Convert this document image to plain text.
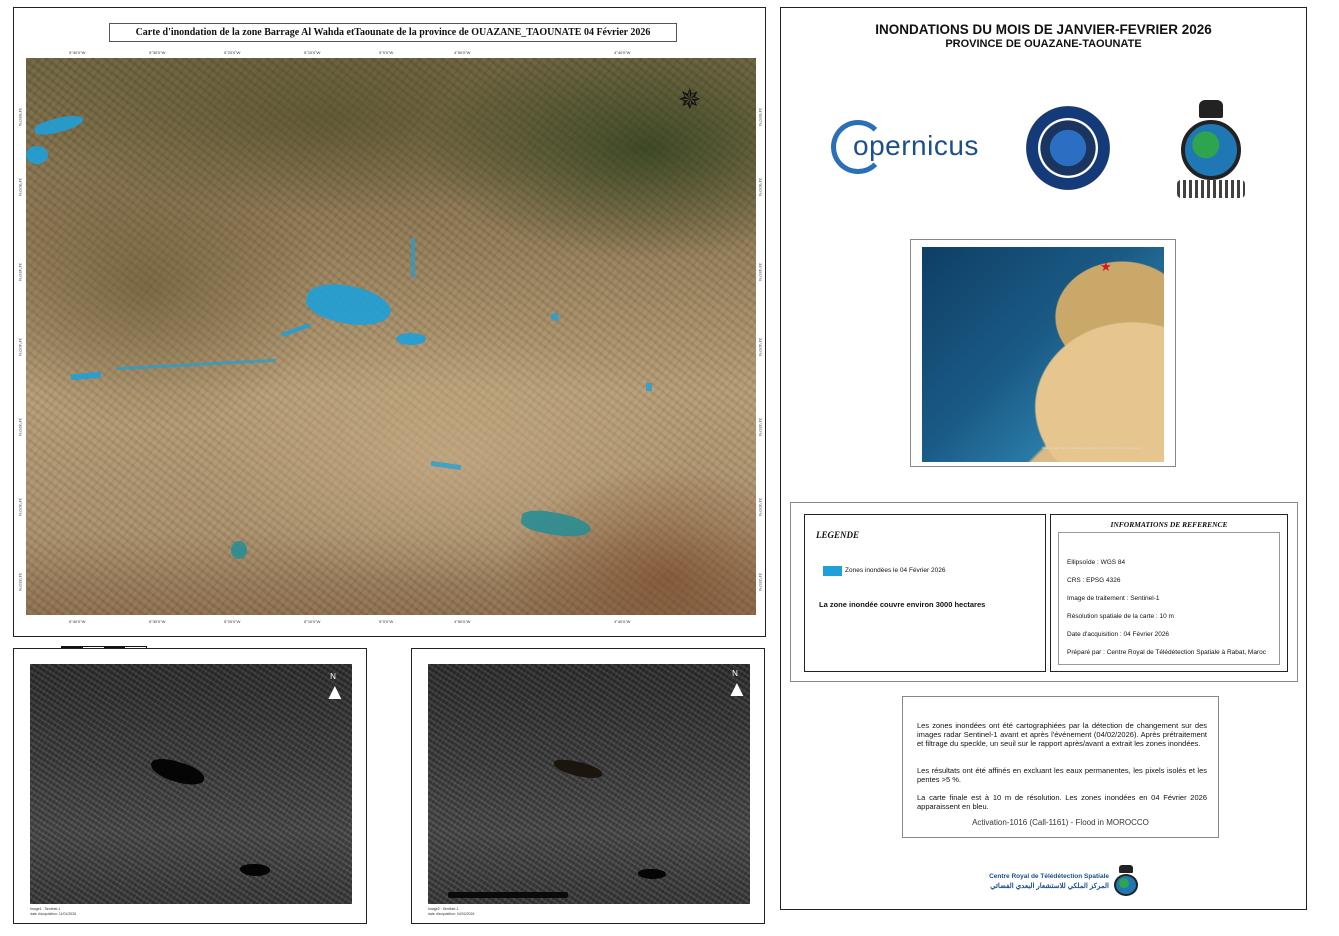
Carte d'inondation de la zone Barrage Al Wahda etTaounate de la province de OUAZANE_TAOUNATE 04 Février 2026
5°40'0"W	5°30'0"W	5°20'0"W	5°10'0"W	5°0'0"W	4°50'0"W	4°40'0"W
5°40'0"W	5°30'0"W	5°20'0"W	5°10'0"W	5°0'0"W	4°50'0"W	4°40'0"W
34°55'0"N
34°50'0"N
34°45'0"N
34°40'0"N
34°35'0"N
34°30'0"N
34°25'0"N
34°55'0"N
34°50'0"N
34°45'0"N
34°40'0"N
34°35'0"N
34°30'0"N
34°25'0"N
✵
INONDATIONS DU MOIS DE JANVIER-FEVRIER 2026
PROVINCE DE OUAZANE-TAOUNATE
opernicus
★
Source: Esri, Maxar, Earthstar Geographics, and the GIS User Community
LEGENDE
Zones inondées le 04 Février 2026
La zone inondée couvre environ 3000 hectares
INFORMATIONS DE REFERENCE
Ellipsoïde : WGS 84
CRS : EPSG 4326
Image de traitement : Sentinel-1
Résolution spatiale de la carte : 10 m
Date d'acquisition : 04 Février 2026
Préparé par : Centre Royal de Télédétection Spatiale à Rabat, Maroc
Les zones inondées ont été cartographiées par la détection de changement sur des images radar Sentinel-1 avant et après l'événement (04/02/2026). Après prétraitement et filtrage du speckle, un seuil sur le rapport après/avant a extrait les zones inondées.
Les résultats ont été affinés en excluant les eaux permanentes, les pixels isolés et les pentes >5 %.
La carte finale est à 10 m de résolution. Les zones inondées en 04 Février 2026 apparaissent en bleu.
Activation-1016 (Call-1161) - Flood in MOROCCO
Centre Royal de Télédétection Spatiale
المركز الملكي للاستشعار البعدي الفضائي
N
▲
Image1 : Sentinel-1
date d'acquisition: 11/01/2026
N
▲
Image2 : Sentinel-1
date d'acquisition: 04/02/2026
